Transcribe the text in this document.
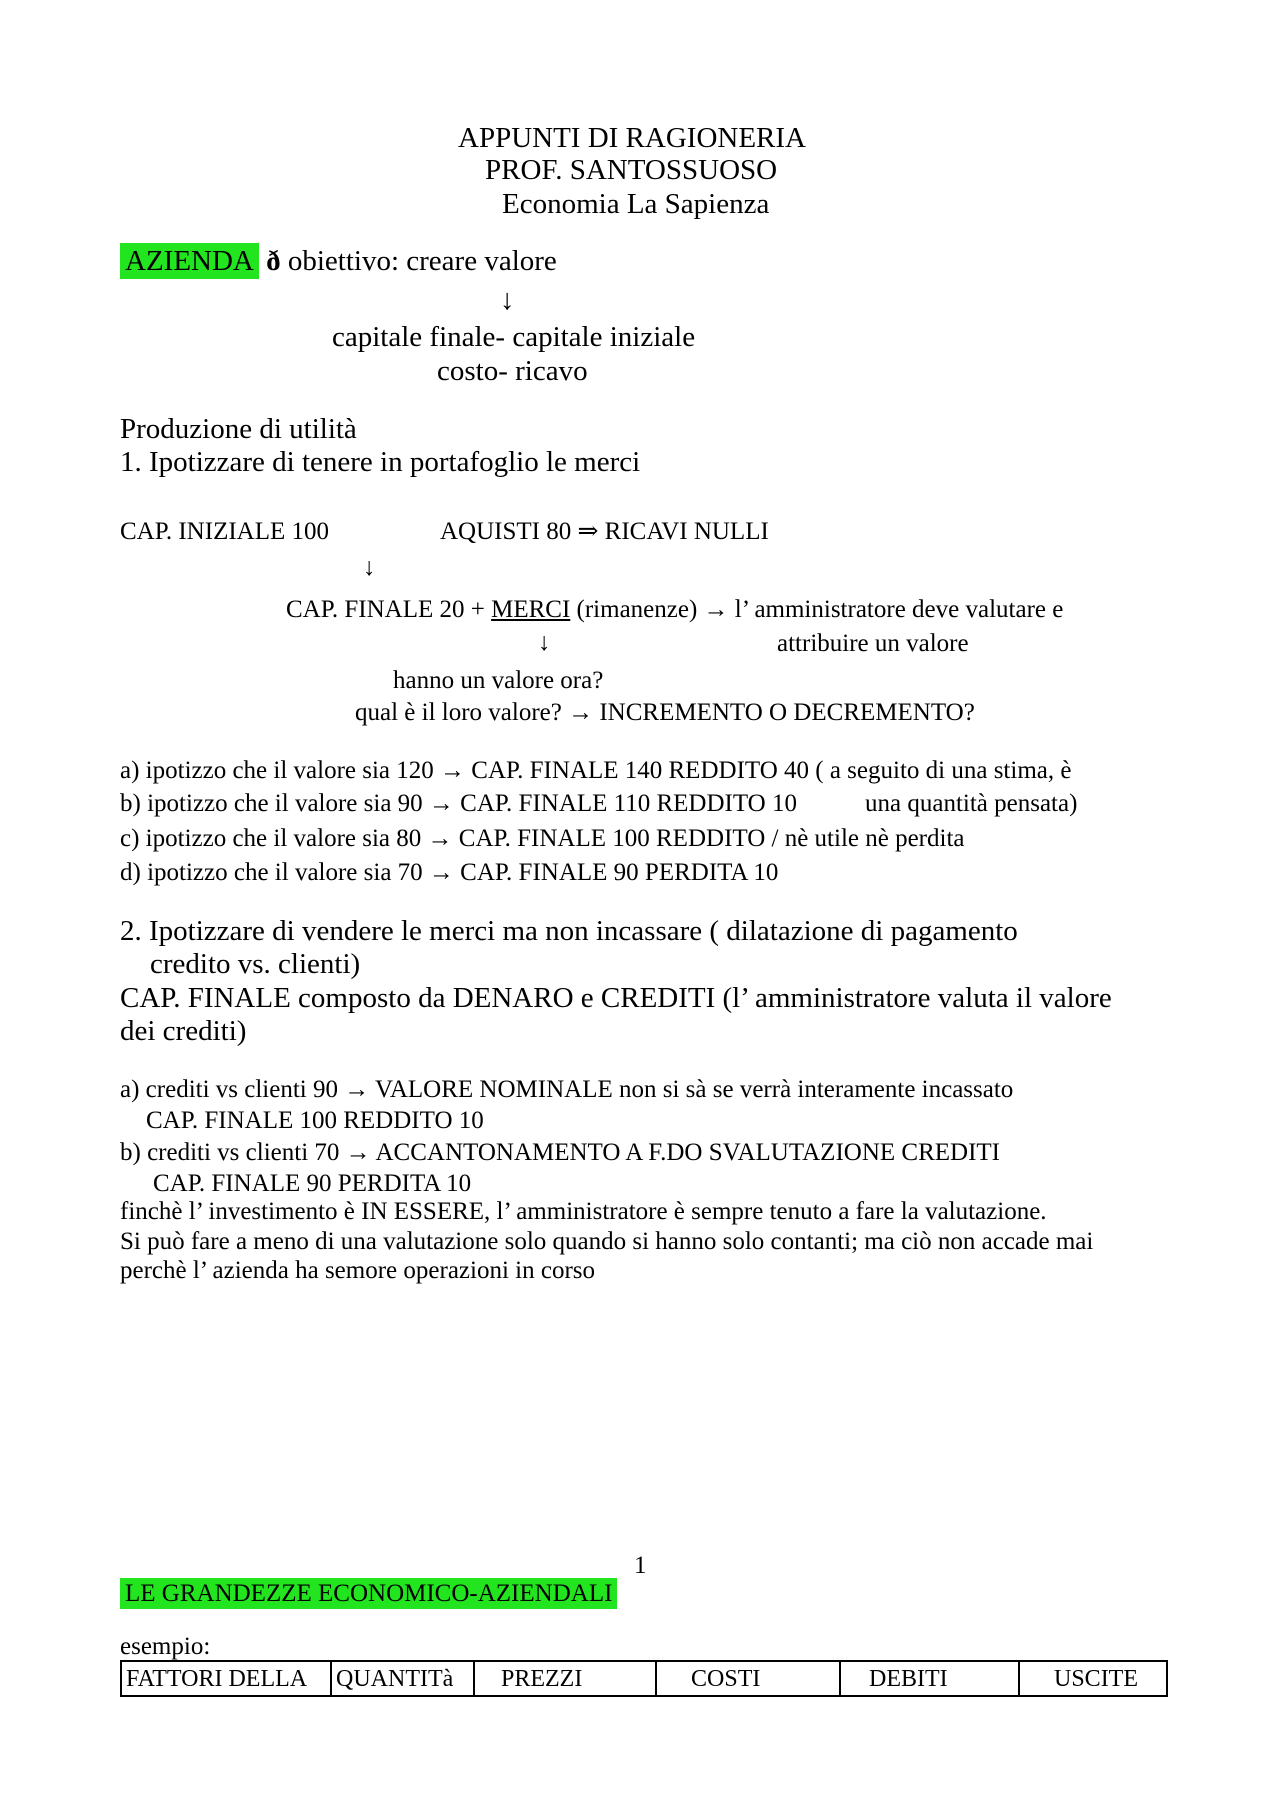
APPUNTI DI RAGIONERIA
PROF. SANTOSSUOSO
Economia La Sapienza
AZIENDA ð obiettivo: creare valore
↓
capitale finale- capitale iniziale
costo- ricavo
Produzione di utilità
1. Ipotizzare di tenere in portafoglio le merci
CAP. INIZIALE 100	AQUISTI 80 ⇒ RICAVI NULLI
↓
CAP. FINALE 20 + MERCI (rimanenze) → l’ amministratore deve valutare e
↓	attribuire un valore
hanno un valore ora?
qual è il loro valore? → INCREMENTO O DECREMENTO?
a) ipotizzo che il valore sia 120 → CAP. FINALE 140 REDDITO 40 ( a seguito di una stima, è
b) ipotizzo che il valore sia 90 → CAP. FINALE 110 REDDITO 10	una quantità pensata)
c) ipotizzo che il valore sia 80 → CAP. FINALE 100 REDDITO / nè utile nè perdita
d) ipotizzo che il valore sia 70 → CAP. FINALE 90 PERDITA 10
2. Ipotizzare di vendere le merci ma non incassare ( dilatazione di pagamento
credito vs. clienti)
CAP. FINALE composto da DENARO e CREDITI (l’ amministratore valuta il valore
dei crediti)
a) crediti vs clienti 90 → VALORE NOMINALE non si sà se verrà interamente incassato
CAP. FINALE 100 REDDITO 10
b) crediti vs clienti 70 → ACCANTONAMENTO A F.DO SVALUTAZIONE CREDITI
CAP. FINALE 90 PERDITA 10
finchè l’ investimento è IN ESSERE, l’ amministratore è sempre tenuto a fare la valutazione.
Si può fare a meno di una valutazione solo quando si hanno solo contanti; ma ciò non accade mai
perchè l’ azienda ha semore operazioni in corso
1
LE GRANDEZZE ECONOMICO-AZIENDALI
esempio:
FATTORI DELLA	QUANTITà	PREZZI	COSTI	DEBITI	USCITE
